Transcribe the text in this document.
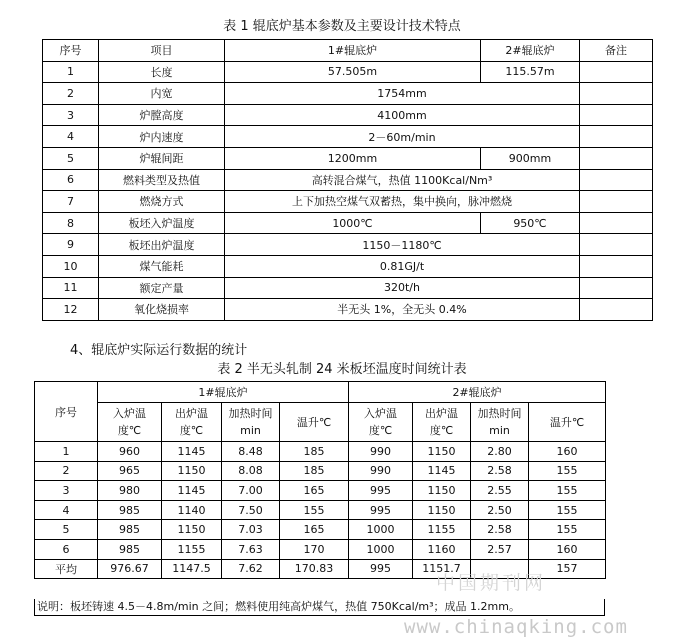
表 1 辊底炉基本参数及主要设计技术特点
序号	项目	1#辊底炉	2#辊底炉	备注
1	长度	57.505m	115.57m	
2	内宽	1754mm		
3	炉膛高度	4100mm		
4	炉内速度	2－60m/min		
5	炉辊间距	1200mm	900mm	
6	燃料类型及热值	高转混合煤气，热值 1100Kcal/Nm³		
7	燃烧方式	上下加热空煤气双蓄热，集中换向，脉冲燃烧		
8	板坯入炉温度	1000℃	950℃	
9	板坯出炉温度	1150－1180℃		
10	煤气能耗	0.81GJ/t		
11	额定产量	320t/h		
12	氧化烧损率	半无头 1%，全无头 0.4%		
4、辊底炉实际运行数据的统计
表 2 半无头轧制 24 米板坯温度时间统计表
序号	1#辊底炉				2#辊底炉			
	入炉温度℃	出炉温度℃	加热时间min	温升℃	入炉温度℃	出炉温度℃	加热时间min	温升℃
1	960	1145	8.48	185	990	1150	2.80	160
2	965	1150	8.08	185	990	1145	2.58	155
3	980	1145	7.00	165	995	1150	2.55	155
4	985	1140	7.50	155	995	1150	2.50	155
5	985	1150	7.03	165	1000	1155	2.58	155
6	985	1155	7.63	170	1000	1160	2.57	160
平均	976.67	1147.5	7.62	170.83	995	1151.7		157
说明：板坯铸速 4.5－4.8m/min 之间；燃料使用纯高炉煤气，热值 750Kcal/m³；成品 1.2mm。
中国期刊网
www.chinaqking.com
